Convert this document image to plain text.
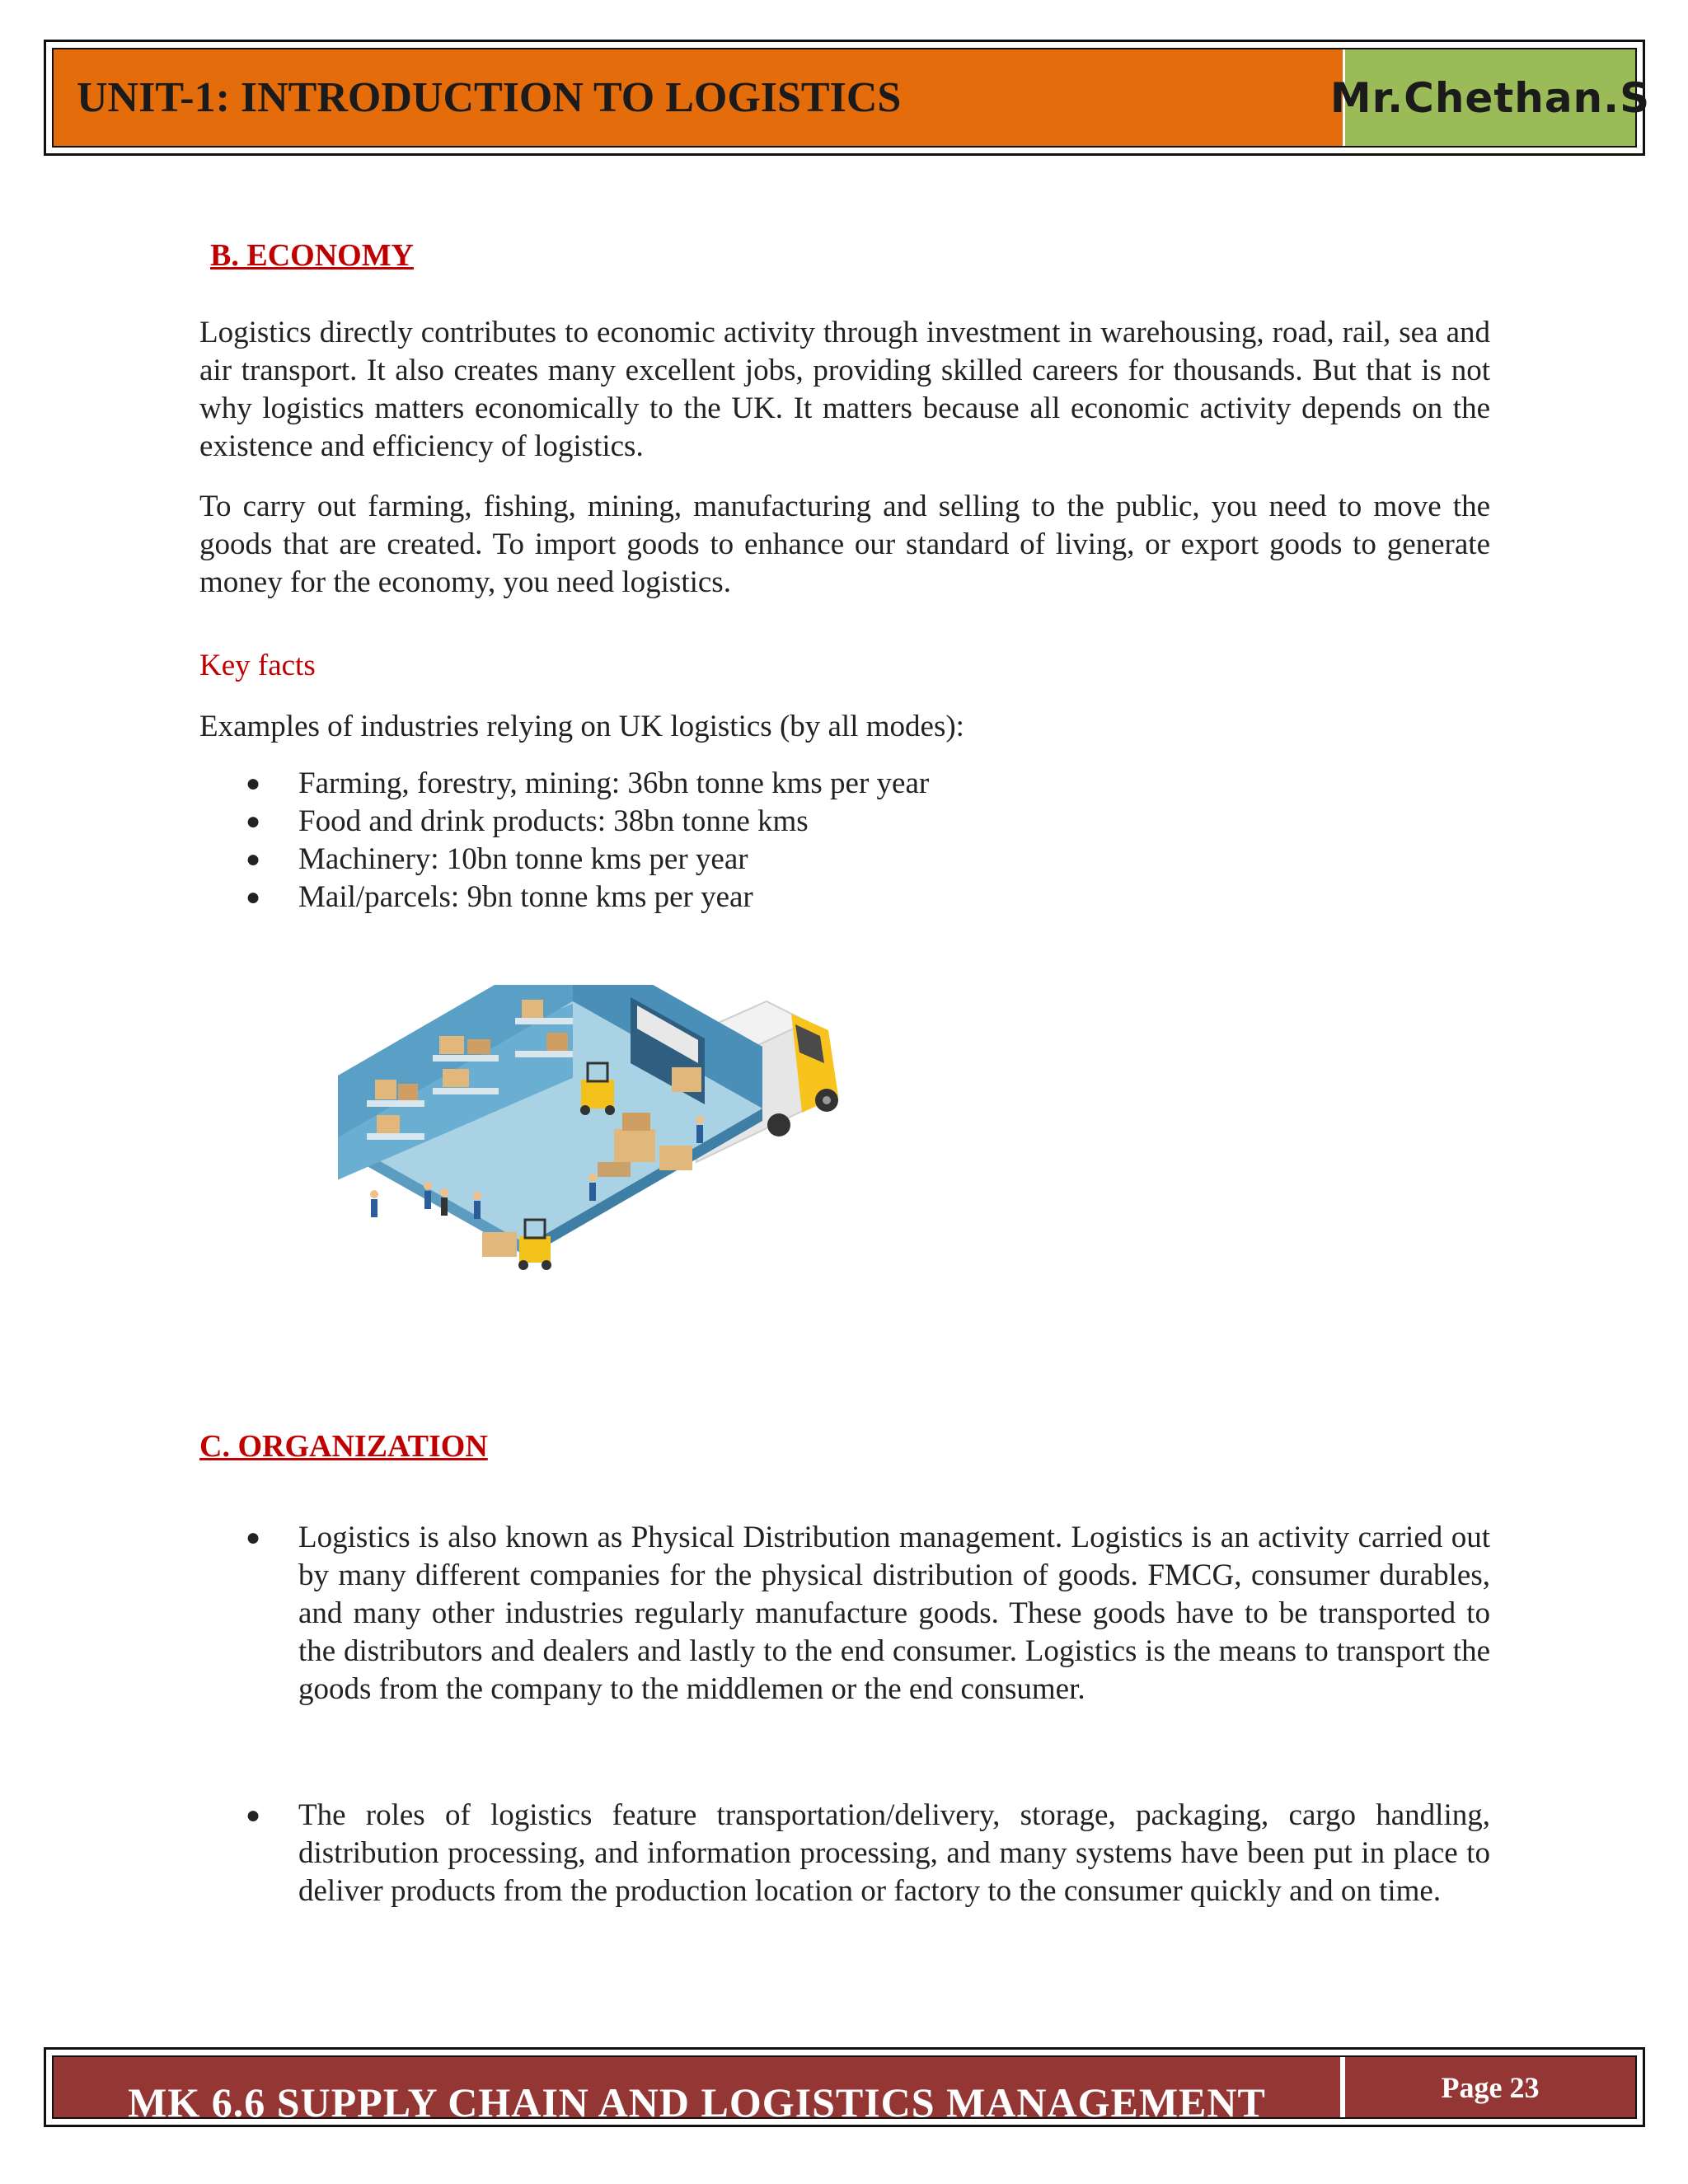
UNIT-1: INTRODUCTION TO LOGISTICS	Mr.Chethan.S
B. ECONOMY

Logistics directly contributes to economic activity through investment in warehousing, road, rail, sea and air transport. It also creates many excellent jobs, providing skilled careers for thousands. But that is not why logistics matters economically to the UK. It matters because all economic activity depends on the existence and efficiency of logistics.

To carry out farming, fishing, mining, manufacturing and selling to the public, you need to move the goods that are created. To import goods to enhance our standard of living, or export goods to generate money for the economy, you need logistics.

Key facts

Examples of industries relying on UK logistics (by all modes):

● Farming, forestry, mining: 36bn tonne kms per year
● Food and drink products: 38bn tonne kms
● Machinery: 10bn tonne kms per year
● Mail/parcels: 9bn tonne kms per year
C. ORGANIZATION
● Logistics is also known as Physical Distribution management. Logistics is an activity carried out by many different companies for the physical distribution of goods. FMCG, consumer durables, and many other industries regularly manufacture goods. These goods have to be transported to the distributors and dealers and lastly to the end consumer. Logistics is the means to transport the goods from the company to the middlemen or the end consumer.
● The roles of logistics feature transportation/delivery, storage, packaging, cargo handling, distribution processing, and information processing, and many systems have been put in place to deliver products from the production location or factory to the consumer quickly and on time.
MK 6.6 SUPPLY CHAIN AND LOGISTICS MANAGEMENT	Page 23
